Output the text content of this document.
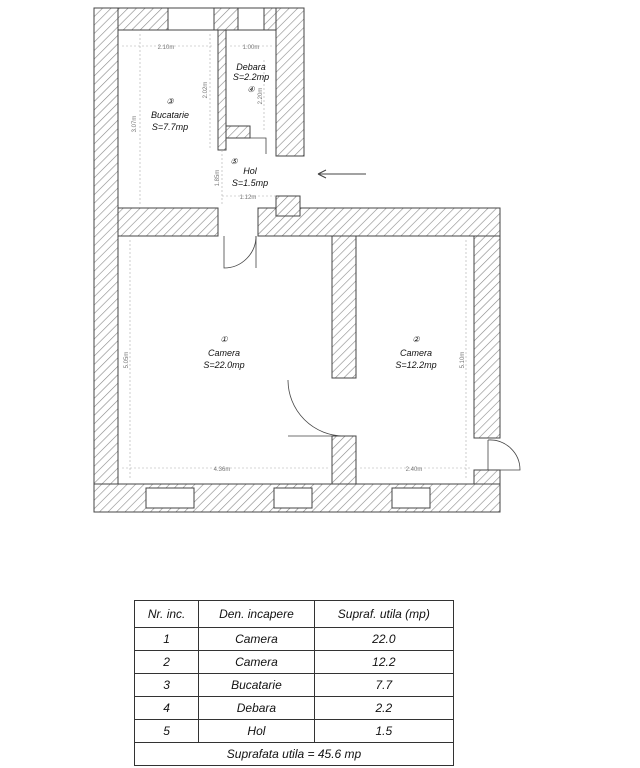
2.10m
3.07m
1.00m
2.02m	2.20m
1.12m
1.85m
4.36m
5.05m
2.40m
5.10m
③
Bucatarie
S=7.7mp
Debara
S=2.2mp
④
⑤
Hol
S=1.5mp
①
Camera
S=22.0mp
②
Camera
S=12.2mp
Nr. inc.	Den. incapere	Supraf. utila (mp)
1	Camera	22.0
2	Camera	12.2
3	Bucatarie	7.7
4	Debara	2.2
5	Hol	1.5
Suprafata utila = 45.6 mp		
